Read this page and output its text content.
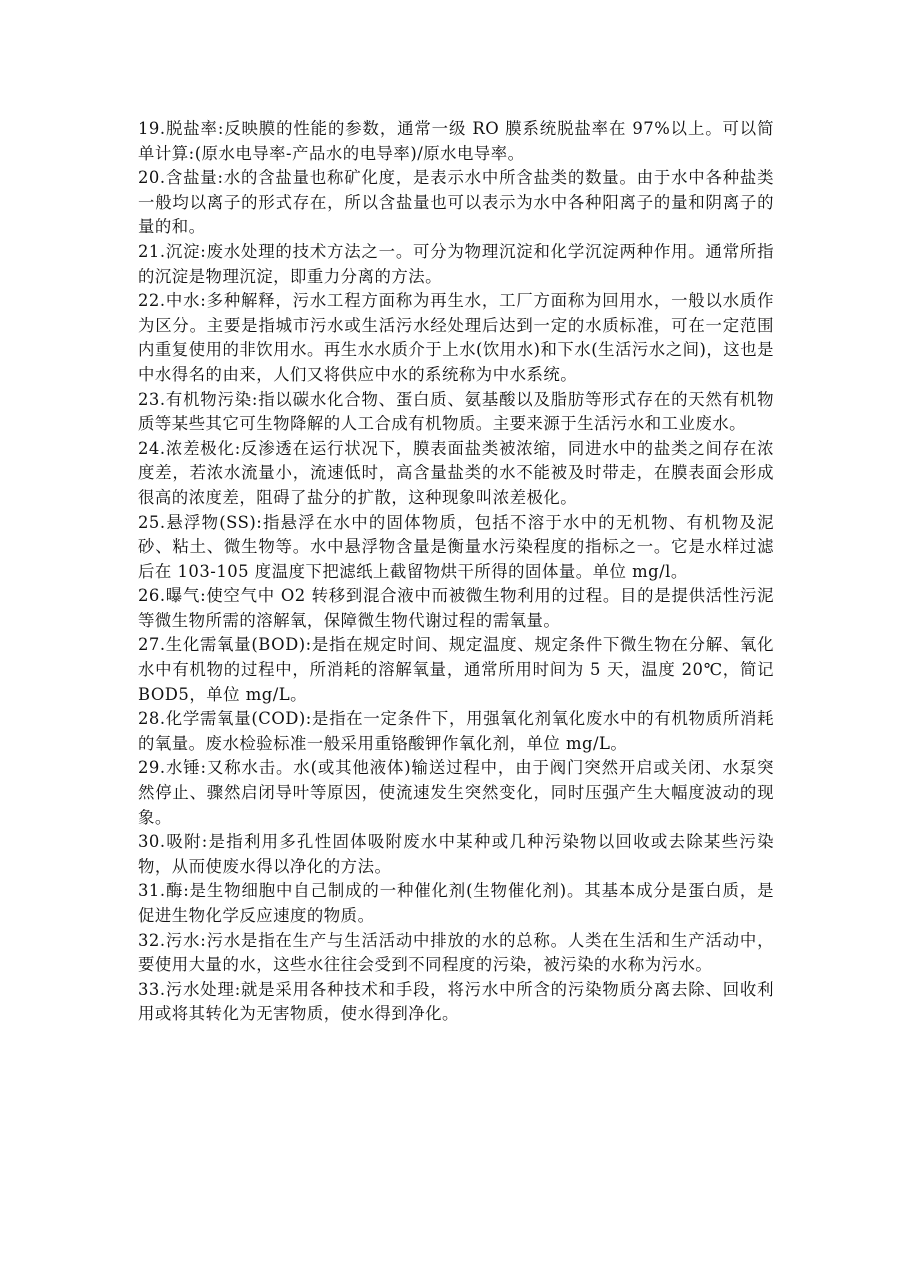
19.脱盐率:反映膜的性能的参数，通常一级 RO 膜系统脱盐率在 97%以上。可以简单计算:(原水电导率-产品水的电导率)/原水电导率。

20.含盐量:水的含盐量也称矿化度，是表示水中所含盐类的数量。由于水中各种盐类一般均以离子的形式存在，所以含盐量也可以表示为水中各种阳离子的量和阴离子的量的和。

21.沉淀:废水处理的技术方法之一。可分为物理沉淀和化学沉淀两种作用。通常所指的沉淀是物理沉淀，即重力分离的方法。

22.中水:多种解释，污水工程方面称为再生水，工厂方面称为回用水，一般以水质作为区分。主要是指城市污水或生活污水经处理后达到一定的水质标准，可在一定范围内重复使用的非饮用水。再生水水质介于上水(饮用水)和下水(生活污水之间)，这也是中水得名的由来，人们又将供应中水的系统称为中水系统。

23.有机物污染:指以碳水化合物、蛋白质、氨基酸以及脂肪等形式存在的天然有机物质等某些其它可生物降解的人工合成有机物质。主要来源于生活污水和工业废水。

24.浓差极化:反渗透在运行状况下，膜表面盐类被浓缩，同进水中的盐类之间存在浓度差，若浓水流量小，流速低时，高含量盐类的水不能被及时带走，在膜表面会形成很高的浓度差，阻碍了盐分的扩散，这种现象叫浓差极化。

25.悬浮物(SS):指悬浮在水中的固体物质，包括不溶于水中的无机物、有机物及泥砂、粘土、微生物等。水中悬浮物含量是衡量水污染程度的指标之一。它是水样过滤后在 103-105 度温度下把滤纸上截留物烘干所得的固体量。单位 mg/l。

26.曝气:使空气中 O2 转移到混合液中而被微生物利用的过程。目的是提供活性污泥等微生物所需的溶解氧，保障微生物代谢过程的需氧量。

27.生化需氧量(BOD):是指在规定时间、规定温度、规定条件下微生物在分解、氧化水中有机物的过程中，所消耗的溶解氧量，通常所用时间为 5 天，温度 20℃，简记 BOD5，单位 mg/L。

28.化学需氧量(COD):是指在一定条件下，用强氧化剂氧化废水中的有机物质所消耗的氧量。废水检验标准一般采用重铬酸钾作氧化剂，单位 mg/L。

29.水锤:又称水击。水(或其他液体)输送过程中，由于阀门突然开启或关闭、水泵突然停止、骤然启闭导叶等原因，使流速发生突然变化，同时压强产生大幅度波动的现象。

30.吸附:是指利用多孔性固体吸附废水中某种或几种污染物以回收或去除某些污染物，从而使废水得以净化的方法。

31.酶:是生物细胞中自己制成的一种催化剂(生物催化剂)。其基本成分是蛋白质，是促进生物化学反应速度的物质。

32.污水:污水是指在生产与生活活动中排放的水的总称。人类在生活和生产活动中，要使用大量的水，这些水往往会受到不同程度的污染，被污染的水称为污水。

33.污水处理:就是采用各种技术和手段，将污水中所含的污染物质分离去除、回收利用或将其转化为无害物质，使水得到净化。
